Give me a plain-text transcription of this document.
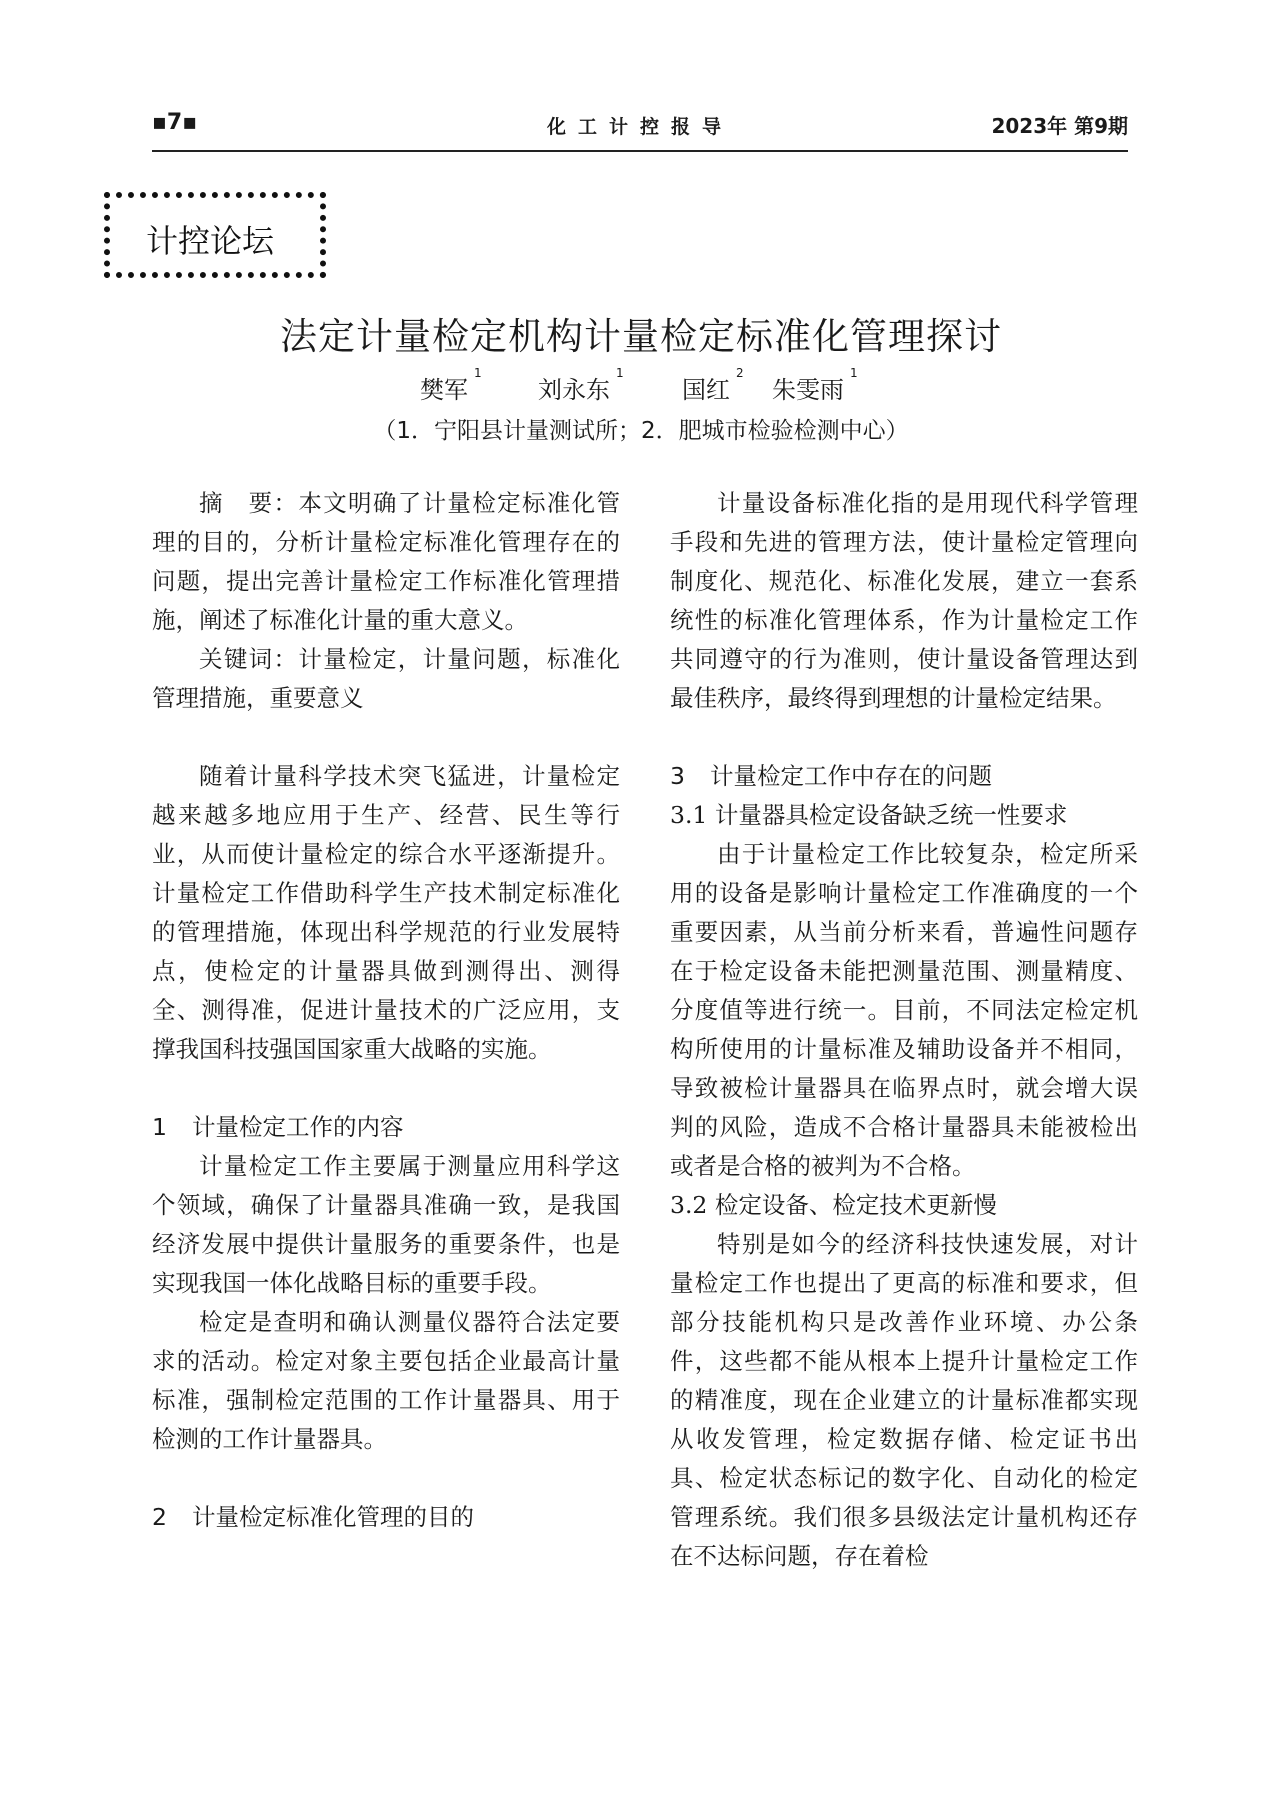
▪7▪	化工计控报导	2023年 第9期
计控论坛
法定计量检定机构计量检定标准化管理探讨
樊军$^1$
刘永东$^1$
国红$^2$
朱雯雨$^1$
（1．宁阳县计量测试所；2．肥城市检验检测中心）

摘　要：本文明确了计量检定标准化管理的目的，分析计量检定标准化管理存在的问题，提出完善计量检定工作标准化管理措施，阐述了标准化计量的重大意义。

关键词：计量检定，计量问题，标准化管理措施，重要意义

随着计量科学技术突飞猛进，计量检定越来越多地应用于生产、经营、民生等行业，从而使计量检定的综合水平逐渐提升。计量检定工作借助科学生产技术制定标准化的管理措施，体现出科学规范的行业发展特点，使检定的计量器具做到测得出、测得全、测得准，促进计量技术的广泛应用，支撑我国科技强国国家重大战略的实施。

1 计量检定工作的内容

计量检定工作主要属于测量应用科学这个领域，确保了计量器具准确一致，是我国经济发展中提供计量服务的重要条件，也是实现我国一体化战略目标的重要手段。

检定是查明和确认测量仪器符合法定要求的活动。检定对象主要包括企业最高计量标准，强制检定范围的工作计量器具、用于检测的工作计量器具。

2 计量检定标准化管理的目的

计量设备标准化指的是用现代科学管理手段和先进的管理方法，使计量检定管理向制度化、规范化、标准化发展，建立一套系统性的标准化管理体系，作为计量检定工作共同遵守的行为准则，使计量设备管理达到最佳秩序，最终得到理想的计量检定结果。

3 计量检定工作中存在的问题
3.1 计量器具检定设备缺乏统一性要求

由于计量检定工作比较复杂，检定所采用的设备是影响计量检定工作准确度的一个重要因素，从当前分析来看，普遍性问题存在于检定设备未能把测量范围、测量精度、分度值等进行统一。目前，不同法定检定机构所使用的计量标准及辅助设备并不相同，导致被检计量器具在临界点时，就会增大误判的风险，造成不合格计量器具未能被检出或者是合格的被判为不合格。

3.2 检定设备、检定技术更新慢

特别是如今的经济科技快速发展，对计量检定工作也提出了更高的标准和要求，但部分技能机构只是改善作业环境、办公条件，这些都不能从根本上提升计量检定工作的精准度，现在企业建立的计量标准都实现从收发管理，检定数据存储、检定证书出具、检定状态标记的数字化、自动化的检定管理系统。我们很多县级法定计量机构还存在不达标问题，存在着检
